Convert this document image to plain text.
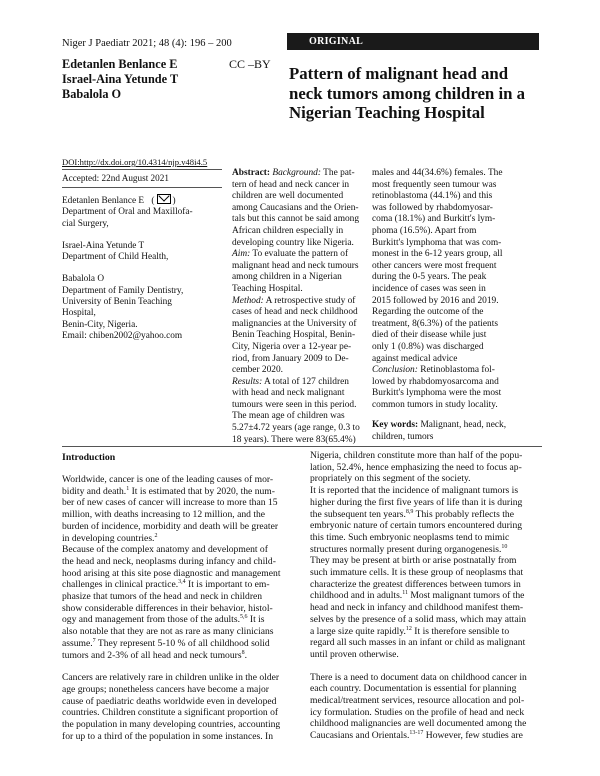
Niger J Paediatr 2021; 48 (4): 196 – 200	ORIGINAL
Edetanlen Benlance E
Israel-Aina Yetunde T
Babalola O
CC –BY Pattern of malignant head and neck tumors among children in a Nigerian Teaching Hospital
DOI:http://dx.doi.org/10.4314/njp.v48i4.5
Accepted: 22nd August 2021

Edetanlen Benlance E ( )

Department of Oral and Maxillofa-

cial Surgery,

Israel-Aina Yetunde T

Department of Child Health,

Babalola O

Department of Family Dentistry,

University of Benin Teaching

Hospital,

Benin-City, Nigeria.

Email: chiben2002@yahoo.com

Abstract: Background: The pat-

tern of head and neck cancer in

children are well documented

among Caucasians and the Orien-

tals but this cannot be said among

African children especially in

developing country like Nigeria.

Aim: To evaluate the pattern of

malignant head and neck tumours

among children in a Nigerian

Teaching Hospital.

Method: A retrospective study of

cases of head and neck childhood

malignancies at the University of

Benin Teaching Hospital, Benin-

City, Nigeria over a 12-year pe-

riod, from January 2009 to De-

cember 2020.

Results: A total of 127 children

with head and neck malignant

tumours were seen in this period.

The mean age of children was

5.27±4.72 years (age range, 0.3 to

18 years). There were 83(65.4%)

males and 44(34.6%) females. The

most frequently seen tumour was

retinoblastoma (44.1%) and this

was followed by rhabdomyosar-

coma (18.1%) and Burkitt's lym-

phoma (16.5%). Apart from

Burkitt's lymphoma that was com-

monest in the 6-12 years group, all

other cancers were most frequent

during the 0-5 years. The peak

incidence of cases was seen in

2015 followed by 2016 and 2019.

Regarding the outcome of the

treatment, 8(6.3%) of the patients

died of their disease while just

only 1 (0.8%) was discharged

against medical advice

Conclusion: Retinoblastoma fol-

lowed by rhabdomyosarcoma and

Burkitt's lymphoma were the most

common tumors in study locality.

Key words: Malignant, head, neck,

children, tumors

Introduction

Worldwide, cancer is one of the leading causes of mor-

bidity and death.$^1$ It is estimated that by 2020, the num-

ber of new cases of cancer will increase to more than 15

million, with deaths increasing to 12 million, and the

burden of incidence, morbidity and death will be greater

in developing countries.$^2$

Because of the complex anatomy and development of

the head and neck, neoplasms during infancy and child-

hood arising at this site pose diagnostic and management

challenges in clinical practice.$^{3,4}$ It is important to em-

phasize that tumors of the head and neck in children

show considerable differences in their behavior, histol-

ogy and management from those of the adults.$^{5,6}$ It is

also notable that they are not as rare as many clinicians

assume.$^7$ They represent 5-10 % of all childhood solid

tumors and 2-3% of all head and neck tumours$^8$.

Cancers are relatively rare in children unlike in the older

age groups; nonetheless cancers have become a major

cause of paediatric deaths worldwide even in developed

countries. Children constitute a significant proportion of

the population in many developing countries, accounting

for up to a third of the population in some instances. In

Nigeria, children constitute more than half of the popu-

lation, 52.4%, hence emphasizing the need to focus ap-

propriately on this segment of the society.

It is reported that the incidence of malignant tumors is

higher during the first five years of life than it is during

the subsequent ten years.$^{8,9}$ This probably reflects the

embryonic nature of certain tumors encountered during

this time. Such embryonic neoplasms tend to mimic

structures normally present during organogenesis.$^{10}$

They may be present at birth or arise postnatally from

such immature cells. It is these group of neoplasms that

characterize the greatest differences between tumors in

childhood and in adults.$^{11}$ Most malignant tumors of the

head and neck in infancy and childhood manifest them-

selves by the presence of a solid mass, which may attain

a large size quite rapidly.$^{12}$ It is therefore sensible to

regard all such masses in an infant or child as malignant

until proven otherwise.

There is a need to document data on childhood cancer in

each country. Documentation is essential for planning

medical/treatment services, resource allocation and pol-

icy formulation. Studies on the profile of head and neck

childhood malignancies are well documented among the

Caucasians and Orientals.$^{13-17}$ However, few studies are
